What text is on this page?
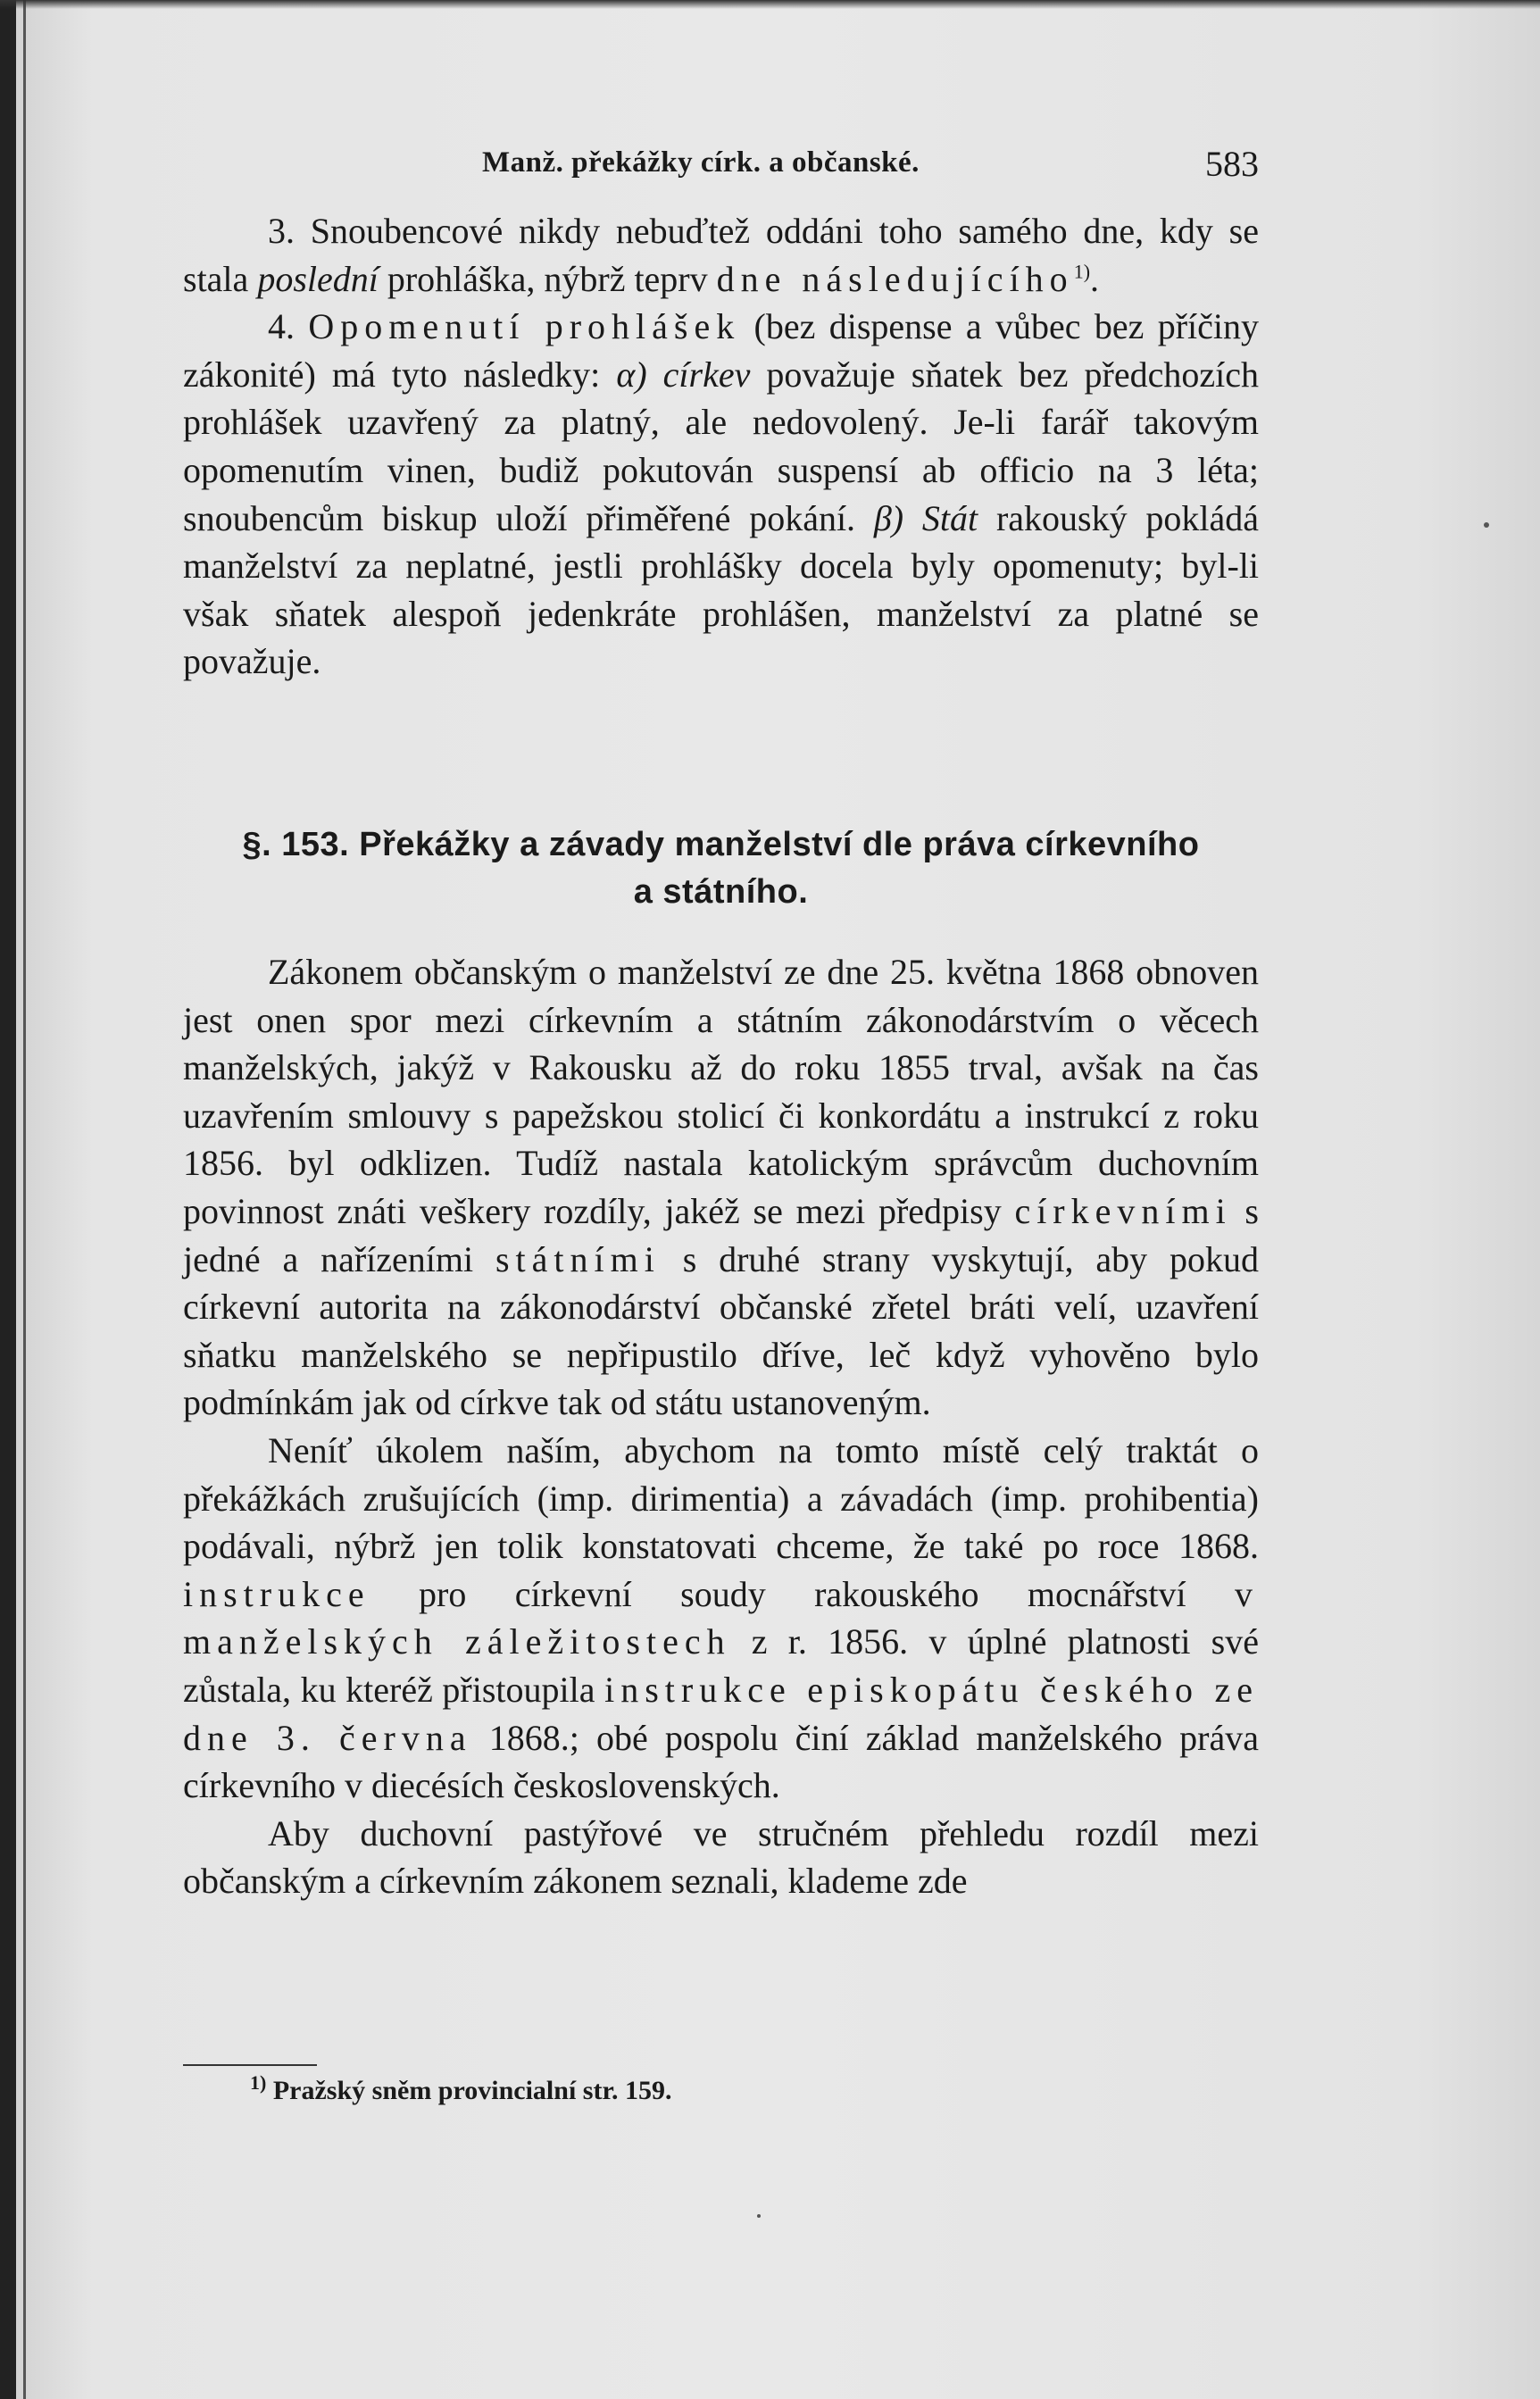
Manž. překážky círk. a občanské.	583

3. Snoubencové nikdy nebuďtež oddáni toho samého dne, kdy se stala poslední prohláška, nýbrž teprv dne následujícího$^{1)}$.

4. Opomenutí prohlášek (bez dispense a vůbec bez příčiny zákonité) má tyto následky: α) církev považuje sňatek bez předchozích prohlášek uzavřený za platný, ale nedovolený. Je-li farář takovým opomenutím vinen, budiž pokutován suspensí ab officio na 3 léta; snoubencům biskup uloží přiměřené pokání. β) Stát rakouský pokládá manželství za neplatné, jestli prohlášky docela byly opomenuty; byl-li však sňatek alespoň jedenkráte prohlášen, manželství za platné se považuje.

§. 153. Překážky a závady manželství dle práva církevního
a státního.

Zákonem občanským o manželství ze dne 25. května 1868 obnoven jest onen spor mezi církevním a státním zákonodárstvím o věcech manželských, jakýž v Rakousku až do roku 1855 trval, avšak na čas uzavřením smlouvy s papežskou stolicí či konkordátu a instrukcí z roku 1856. byl odklizen. Tudíž nastala katolickým správcům duchovním povinnost znáti veškery rozdíly, jakéž se mezi předpisy církevními s jedné a nařízeními státními s druhé strany vyskytují, aby pokud církevní autorita na zákonodárství občanské zřetel bráti velí, uzavření sňatku manželského se nepřipustilo dříve, leč když vyhověno bylo podmínkám jak od církve tak od státu ustanoveným.

Neníť úkolem naším, abychom na tomto místě celý traktát o překážkách zrušujících (imp. dirimentia) a závadách (imp. prohibentia) podávali, nýbrž jen tolik konstatovati chceme, že také po roce 1868. instrukce pro církevní soudy rakouského mocnářství v manželských záležitostech z r. 1856. v úplné platnosti své zůstala, ku kteréž přistoupila instrukce episkopátu českého ze dne 3. června 1868.; obé pospolu činí základ manželského práva církevního v diecésích československých.

Aby duchovní pastýřové ve stručném přehledu rozdíl mezi občanským a církevním zákonem seznali, klademe zde

$^{1)}$ Pražský sněm provincialní str. 159.
